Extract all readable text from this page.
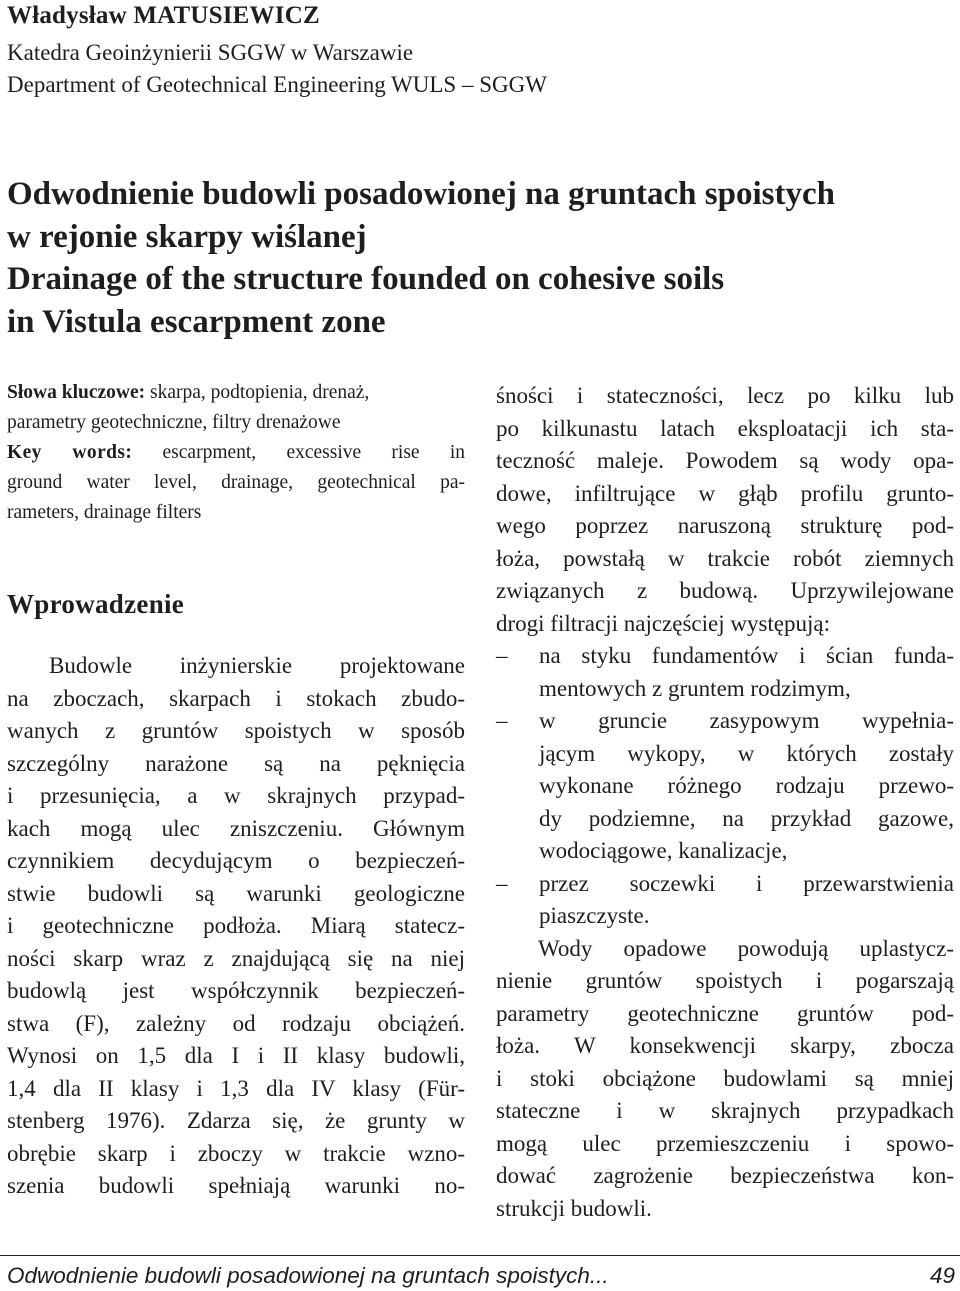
Władysław MATUSIEWICZ
Katedra Geoinżynierii SGGW w Warszawie
Department of Geotechnical Engineering WULS – SGGW
Odwodnienie budowli posadowionej na gruntach spoistych
w rejonie skarpy wiślanej
Drainage of the structure founded on cohesive soils
in Vistula escarpment zone
Słowa kluczowe: skarpa, podtopienia, drenaż,
parametry geotechniczne, filtry drenażowe
Key words: escarpment, excessive rise in
ground water level, drainage, geotechnical pa-
rameters, drainage filters
Wprowadzenie
Budowle inżynierskie projektowane
na zboczach, skarpach i stokach zbudo-
wanych z gruntów spoistych w sposób
szczególny narażone są na pęknięcia
i przesunięcia, a w skrajnych przypad-
kach mogą ulec zniszczeniu. Głównym
czynnikiem decydującym o bezpieczeń-
stwie budowli są warunki geologiczne
i geotechniczne podłoża. Miarą statecz-
ności skarp wraz z znajdującą się na niej
budowlą jest współczynnik bezpieczeń-
stwa (F), zależny od rodzaju obciążeń.
Wynosi on 1,5 dla I i II klasy budowli,
1,4 dla II klasy i 1,3 dla IV klasy (Für-
stenberg 1976). Zdarza się, że grunty w
obrębie skarp i zboczy w trakcie wzno-
szenia budowli spełniają warunki no-
śności i stateczności, lecz po kilku lub
po kilkunastu latach eksploatacji ich sta-
teczność maleje. Powodem są wody opa-
dowe, infiltrujące w głąb profilu grunto-
wego poprzez naruszoną strukturę pod-
łoża, powstałą w trakcie robót ziemnych
związanych z budową. Uprzywilejowane
drogi filtracji najczęściej występują:
–	na styku fundamentów i ścian funda-
mentowych z gruntem rodzimym,
–	w gruncie zasypowym wypełnia-
jącym wykopy, w których zostały
wykonane różnego rodzaju przewo-
dy podziemne, na przykład gazowe,
wodociągowe, kanalizacje,
–	przez soczewki i przewarstwienia
piaszczyste.
Wody opadowe powodują uplastycz-
nienie gruntów spoistych i pogarszają
parametry geotechniczne gruntów pod-
łoża. W konsekwencji skarpy, zbocza
i stoki obciążone budowlami są mniej
stateczne i w skrajnych przypadkach
mogą ulec przemieszczeniu i spowo-
dować zagrożenie bezpieczeństwa kon-
strukcji budowli.
Odwodnienie budowli posadowionej na gruntach spoistych...	49
